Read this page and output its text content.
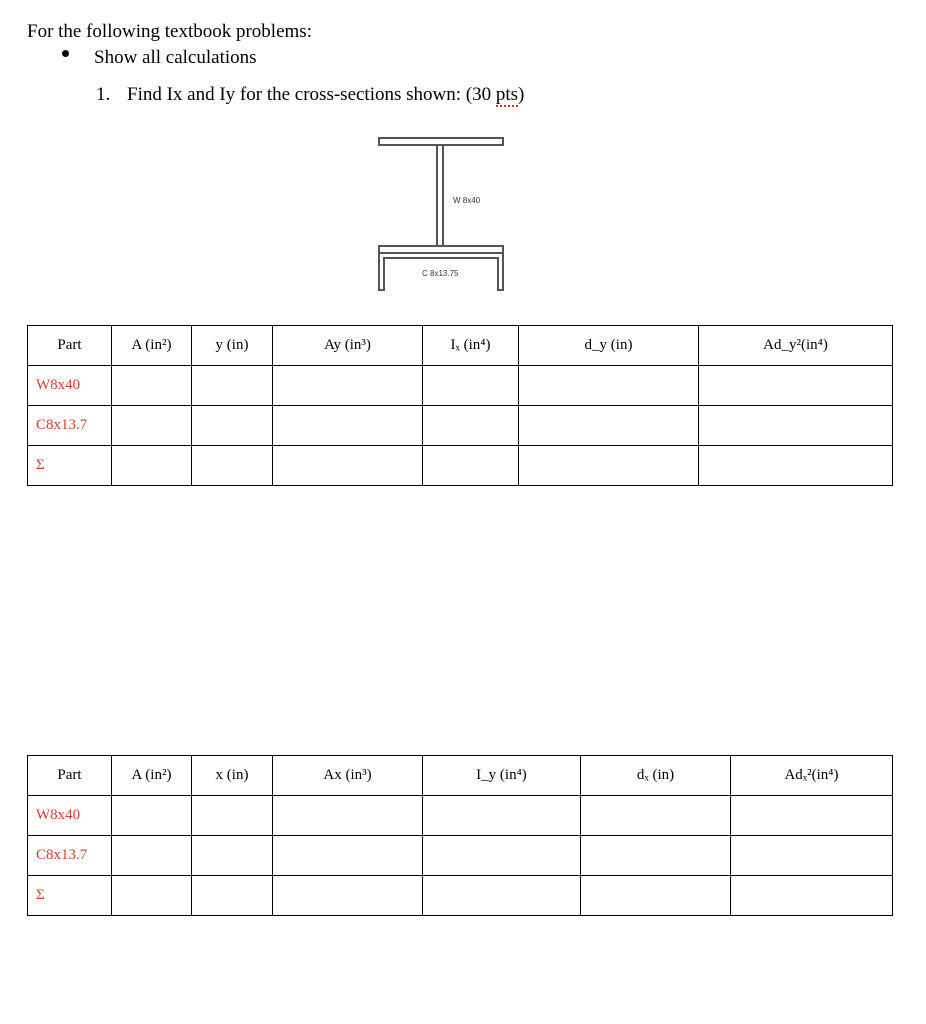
For the following textbook problems:
Show all calculations
1. Find Ix and Iy for the cross-sections shown: (30 pts)
W 8x40
C 8x13.75
Part	A (in²)	y (in)	Ay (in³)	Iₓ (in⁴)	d_y (in)	Ad_y²(in⁴)
W8x40						
C8x13.7						
Σ						
Part	A (in²)	x (in)	Ax (in³)	I_y (in⁴)	dₓ (in)	Adₓ²(in⁴)
W8x40						
C8x13.7						
Σ						
